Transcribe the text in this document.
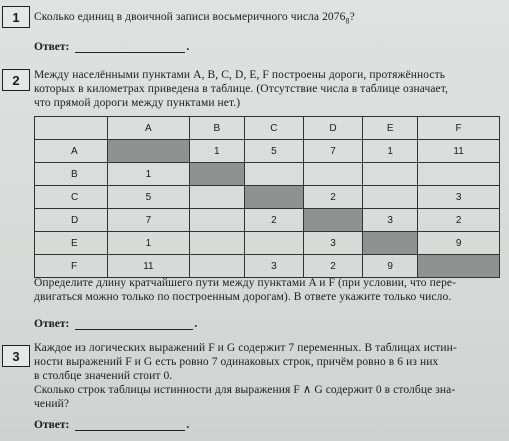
1	Сколько единиц в двоичной записи восьмеричного числа $2076_8$?
Ответ:	.
2	Между населёнными пунктами A, B, C, D, E, F построены дороги, протяжённость
которых в километрах приведена в таблице. (Отсутствие числа в таблице означает,
что прямой дороги между пунктами нет.)
	A	B	C	D	E	F
A		1	5	7	1	11
B	1					
C	5			2		3
D	7		2		3	2
E	1			3		9
F	11		3	2	9	
Определите длину кратчайшего пути между пунктами A и F (при условии, что пере-
двигаться можно только по построенным дорогам). В ответе укажите только число.
Ответ:	.
3
Каждое из логических выражений F и G содержит 7 переменных. В таблицах истин-
ности выражений F и G есть ровно 7 одинаковых строк, причём ровно в 6 из них
в столбце значений стоит 0.
Сколько строк таблицы истинности для выражения F ∧ G содержит 0 в столбце зна-
чений?
Ответ:	.
